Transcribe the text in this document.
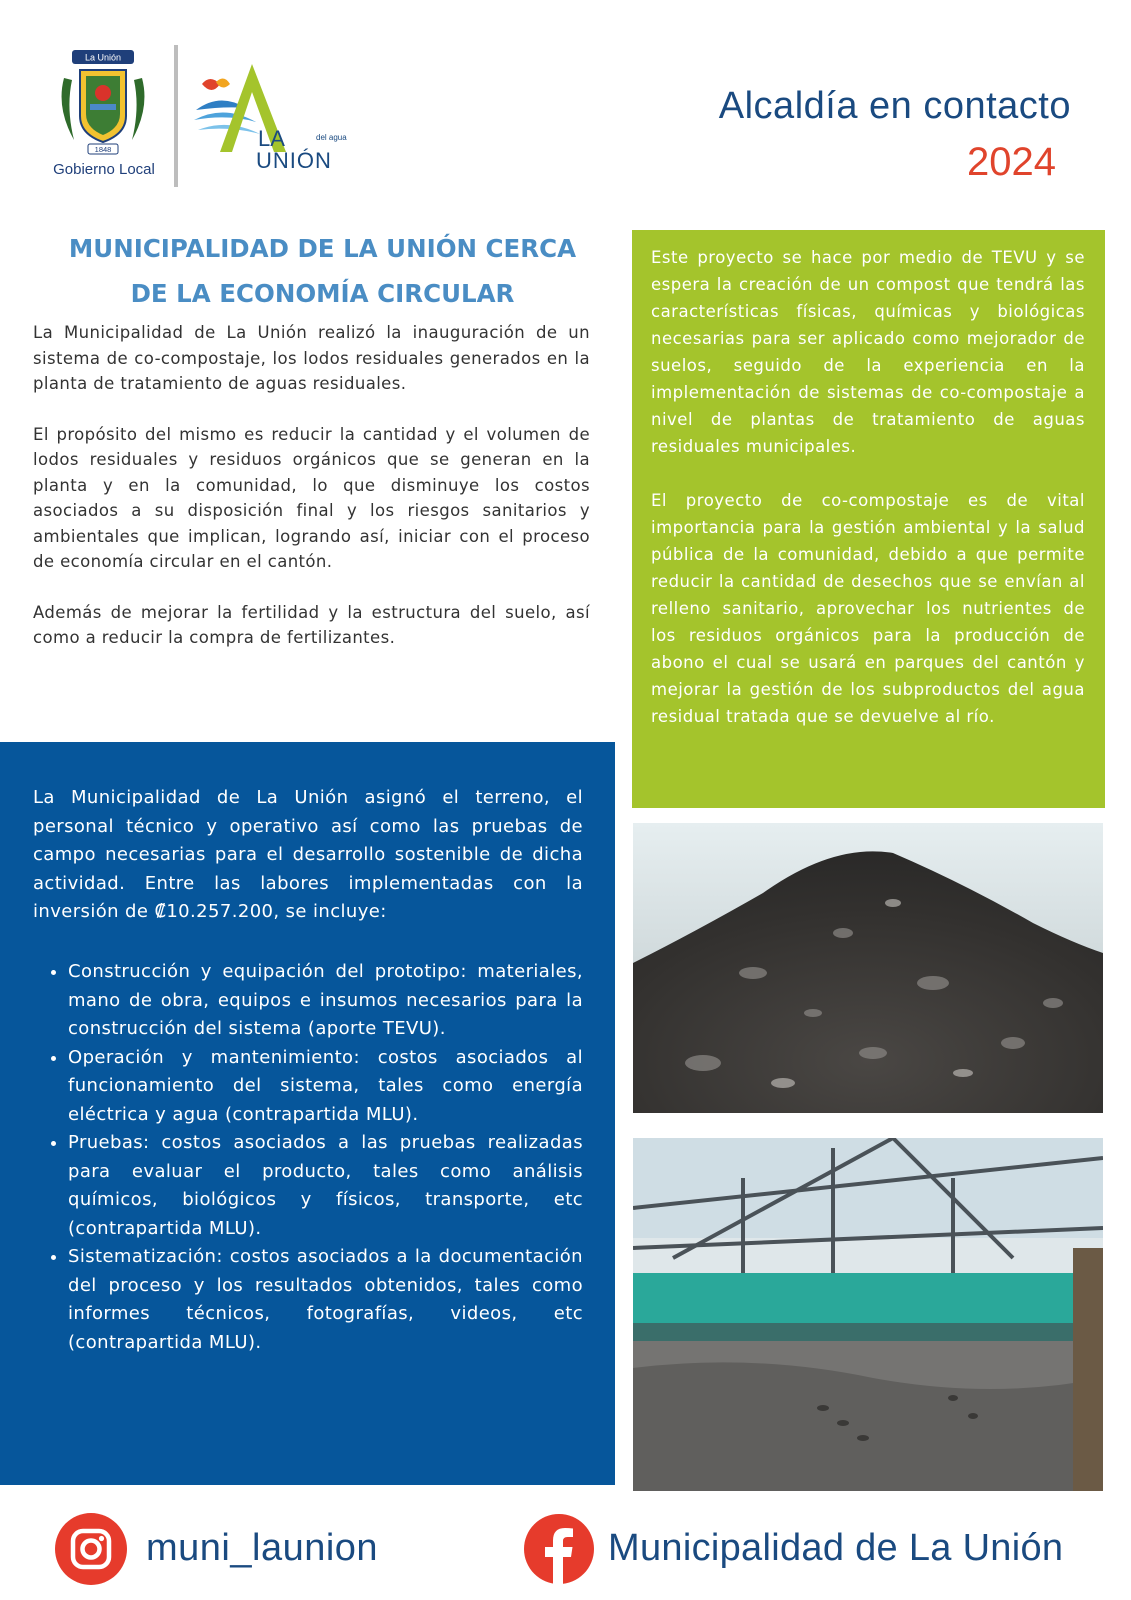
La Unión
1848
Gobierno Local
LA	del agua
UNIÓN
Alcaldía en contacto
2024
MUNICIPALIDAD DE LA UNIÓN CERCA
DE LA ECONOMÍA CIRCULAR

La Municipalidad de La Unión realizó la inauguración de un sistema de co-compostaje, los lodos residuales generados en la planta de tratamiento de aguas residuales.

El propósito del mismo es reducir la cantidad y el volumen de lodos residuales y residuos orgánicos que se generan en la planta y en la comunidad, lo que disminuye los costos asociados a su disposición final y los riesgos sanitarios y ambientales que implican, logrando así, iniciar con el proceso de economía circular en el cantón.

Además de mejorar la fertilidad y la estructura del suelo, así como a reducir la compra de fertilizantes.

La Municipalidad de La Unión asignó el terreno, el personal técnico y operativo así como las pruebas de campo necesarias para el desarrollo sostenible de dicha actividad. Entre las labores implementadas con la inversión de ₡10.257.200, se incluye:

• Construcción y equipación del prototipo: materiales, mano de obra, equipos e insumos necesarios para la construcción del sistema (aporte TEVU).
• Operación y mantenimiento: costos asociados al funcionamiento del sistema, tales como energía eléctrica y agua (contrapartida MLU).
• Pruebas: costos asociados a las pruebas realizadas para evaluar el producto, tales como análisis químicos, biológicos y físicos, transporte, etc (contrapartida MLU).
• Sistematización: costos asociados a la documentación del proceso y los resultados obtenidos, tales como informes técnicos, fotografías, videos, etc (contrapartida MLU).

Este proyecto se hace por medio de TEVU y se espera la creación de un compost que tendrá las características físicas, químicas y biológicas necesarias para ser aplicado como mejorador de suelos, seguido de la experiencia en la implementación de sistemas de co-compostaje a nivel de plantas de tratamiento de aguas residuales municipales.

El proyecto de co-compostaje es de vital importancia para la gestión ambiental y la salud pública de la comunidad, debido a que permite reducir la cantidad de desechos que se envían al relleno sanitario, aprovechar los nutrientes de los residuos orgánicos para la producción de abono el cual se usará en parques del cantón y mejorar la gestión de los subproductos del agua residual tratada que se devuelve al río.

muni_launion	Municipalidad de La Unión
